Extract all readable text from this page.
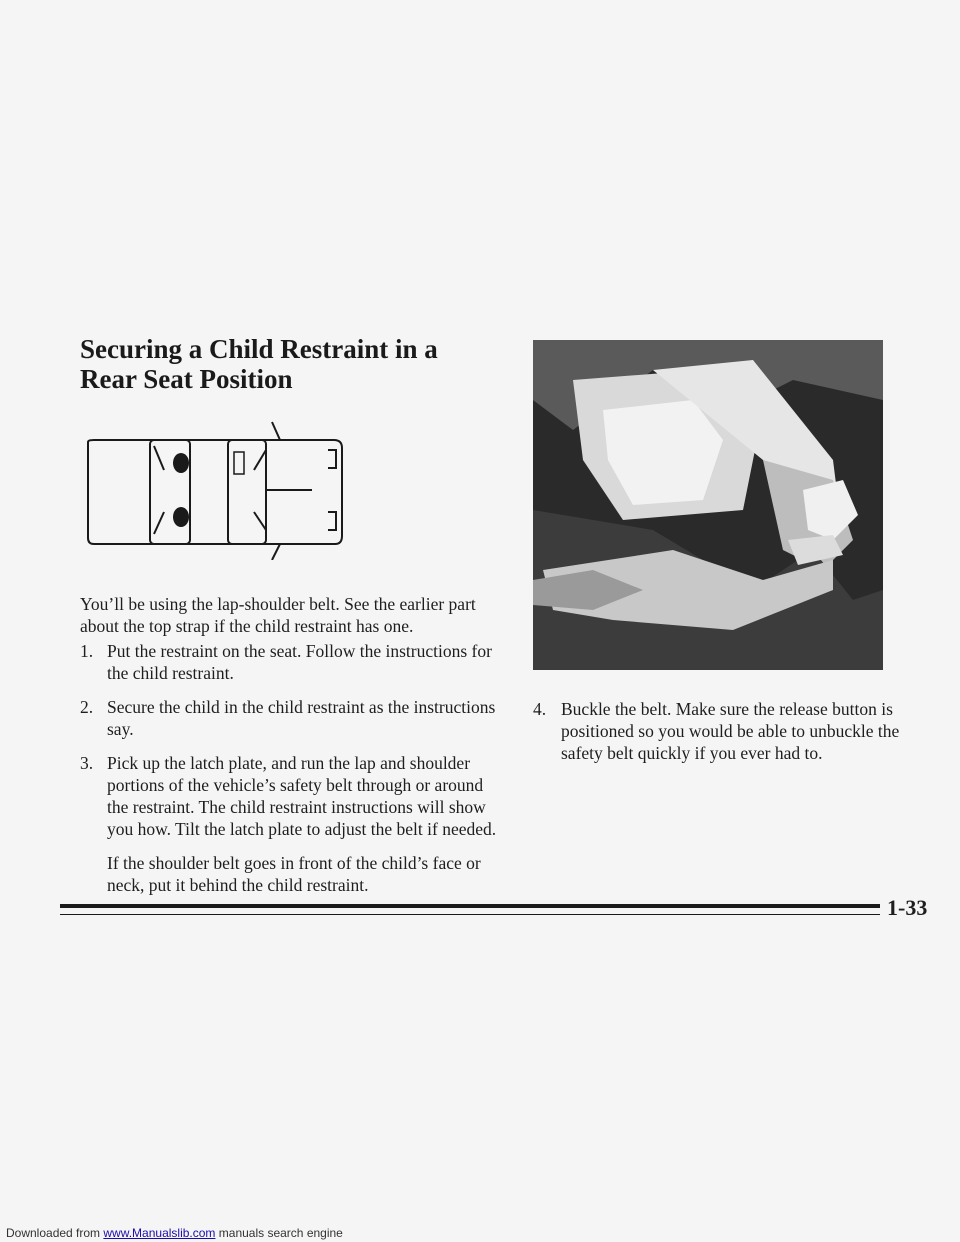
Securing a Child Restraint in a Rear Seat Position

You’ll be using the lap-shoulder belt. See the earlier part about the top strap if the child restraint has one.

1. Put the restraint on the seat. Follow the instructions for the child restraint.
2. Secure the child in the child restraint as the instructions say.
3. Pick up the latch plate, and run the lap and shoulder portions of the vehicle’s safety belt through or around the restraint. The child restraint instructions will show you how. Tilt the latch plate to adjust the belt if needed.

If the shoulder belt goes in front of the child’s face or neck, put it behind the child restraint.

4. Buckle the belt. Make sure the release button is positioned so you would be able to unbuckle the safety belt quickly if you ever had to.
1-33
Downloaded from www.Manualslib.com manuals search engine
